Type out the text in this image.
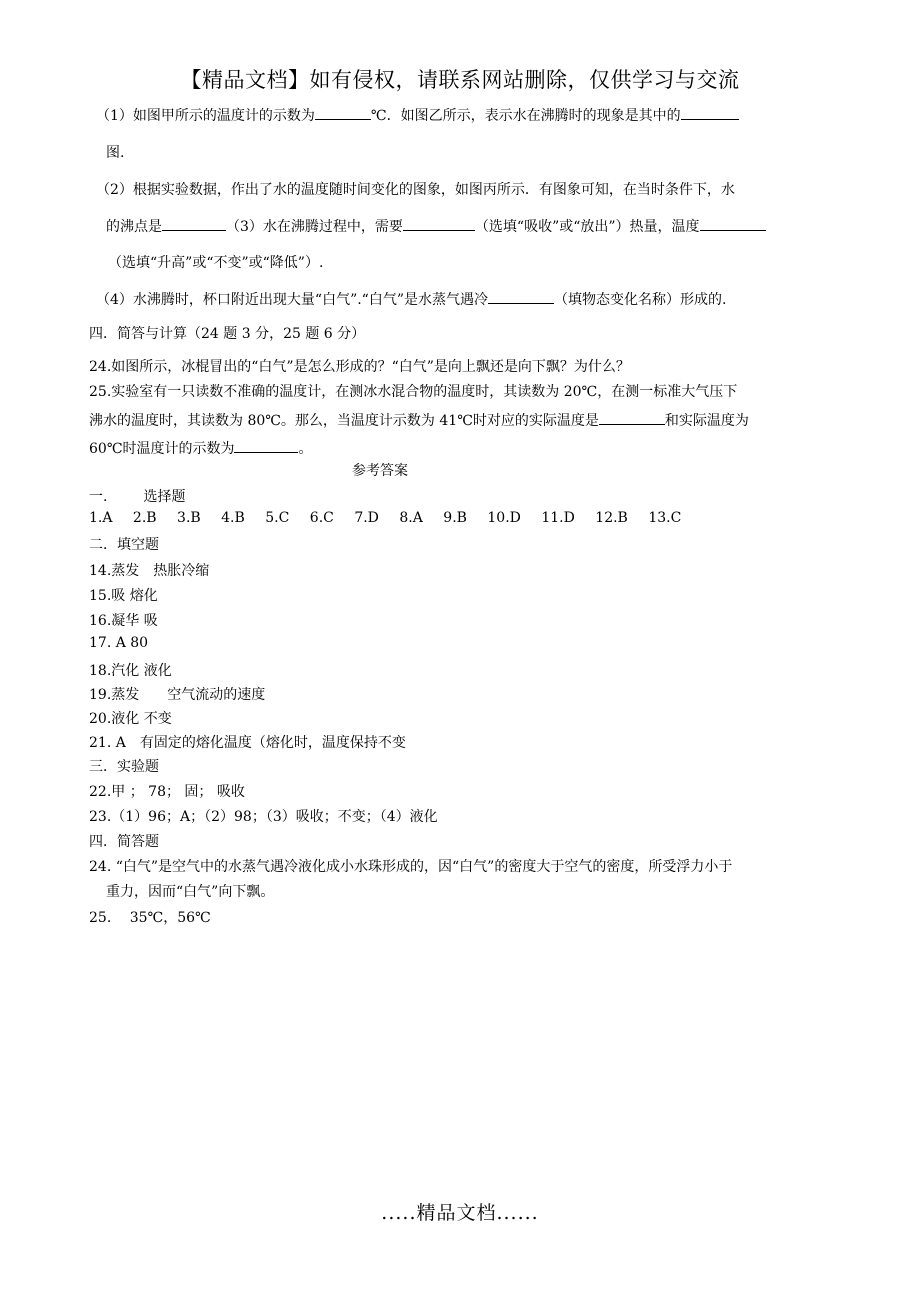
【精品文档】如有侵权，请联系网站删除，仅供学习与交流
（1）如图甲所示的温度计的示数为	℃．如图乙所示，表示水在沸腾时的现象是其中的
图.
（2）根据实验数据，作出了水的温度随时间变化的图象，如图丙所示．有图象可知，在当时条件下，水
的沸点是	（3）水在沸腾过程中，需要	（选填“吸收”或“放出”）热量，温度
（选填“升高”或“不变”或“降低”）.
（4）水沸腾时，杯口附近出现大量“白气”.“白气”是水蒸气遇冷	（填物态变化名称）形成的.
四．简答与计算（24 题 3 分，25 题 6 分）
24.如图所示，冰棍冒出的“白气”是怎么形成的？“白气”是向上飘还是向下飘？为什么？
25.实验室有一只读数不准确的温度计，在测冰水混合物的温度时，其读数为 20℃，在测一标准大气压下
沸水的温度时，其读数为 80℃。那么，当温度计示数为 41℃时对应的实际温度是	和实际温度为
60℃时温度计的示数为	。
参考答案
一.	选择题
1.A 2.B 3.B 4.B 5.C 6.C 7.D 8.A 9.B 10.D 11.D 12.B 13.C
二．填空题
14.蒸发　热胀冷缩
15.吸 熔化
16.凝华 吸
17. A 80
18.汽化 液化
19.蒸发　　空气流动的速度
20.液化 不变
21. A　有固定的熔化温度（熔化时，温度保持不变
三．实验题
22.甲 ； 78； 固； 吸收
23.（1）96；A；（2）98；（3）吸收；不变；（4）液化
四．简答题
24. “白气”是空气中的水蒸气遇冷液化成小水珠形成的，因“白气”的密度大于空气的密度，所受浮力小于
重力，因而“白气”向下飘。
25.　 35℃，56℃
.....精品文档......
